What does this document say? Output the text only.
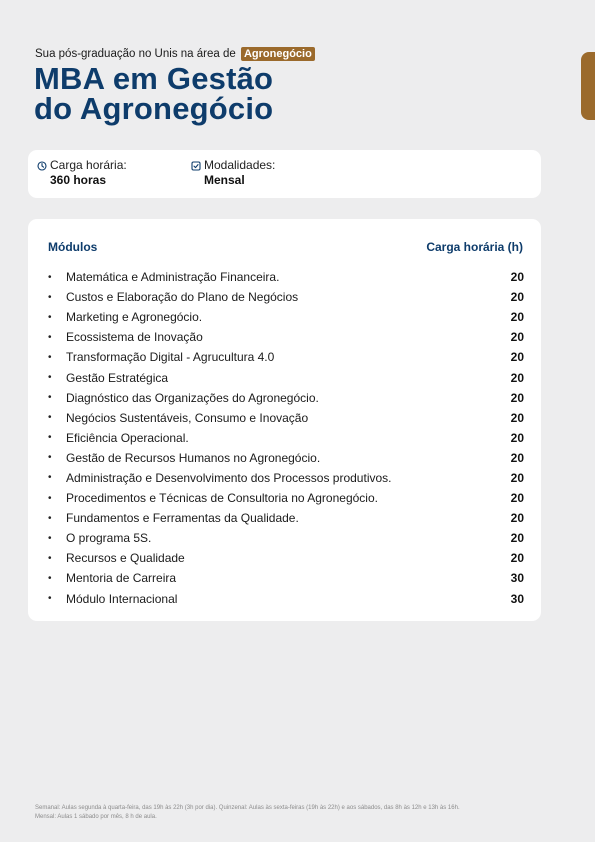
Sua pós-graduação no Unis na área de Agronegócio
MBA em Gestão
do Agronegócio
Carga horária:
360 horas
Modalidades:
Mensal
Módulos	Carga horária (h)
•	Matemática e Administração Financeira.	20
•	Custos e Elaboração do Plano de Negócios	20
•	Marketing e Agronegócio.	20
•	Ecossistema de Inovação	20
•	Transformação Digital - Agrucultura 4.0	20
•	Gestão Estratégica	20
•	Diagnóstico das Organizações do Agronegócio.	20
•	Negócios Sustentáveis, Consumo e Inovação	20
•	Eficiência Operacional.	20
•	Gestão de Recursos Humanos no Agronegócio.	20
•	Administração e Desenvolvimento dos Processos produtivos.	20
•	Procedimentos e Técnicas de Consultoria no Agronegócio.	20
•	Fundamentos e Ferramentas da Qualidade.	20
•	O programa 5S.	20
•	Recursos e Qualidade	20
•	Mentoria de Carreira	30
•	Módulo Internacional	30
Semanal: Aulas segunda à quarta-feira, das 19h às 22h (3h por dia). Quinzenal: Aulas às sexta-feiras (19h às 22h) e aos sábados, das 8h às 12h e 13h às 16h.
Mensal: Aulas 1 sábado por mês, 8 h de aula.
